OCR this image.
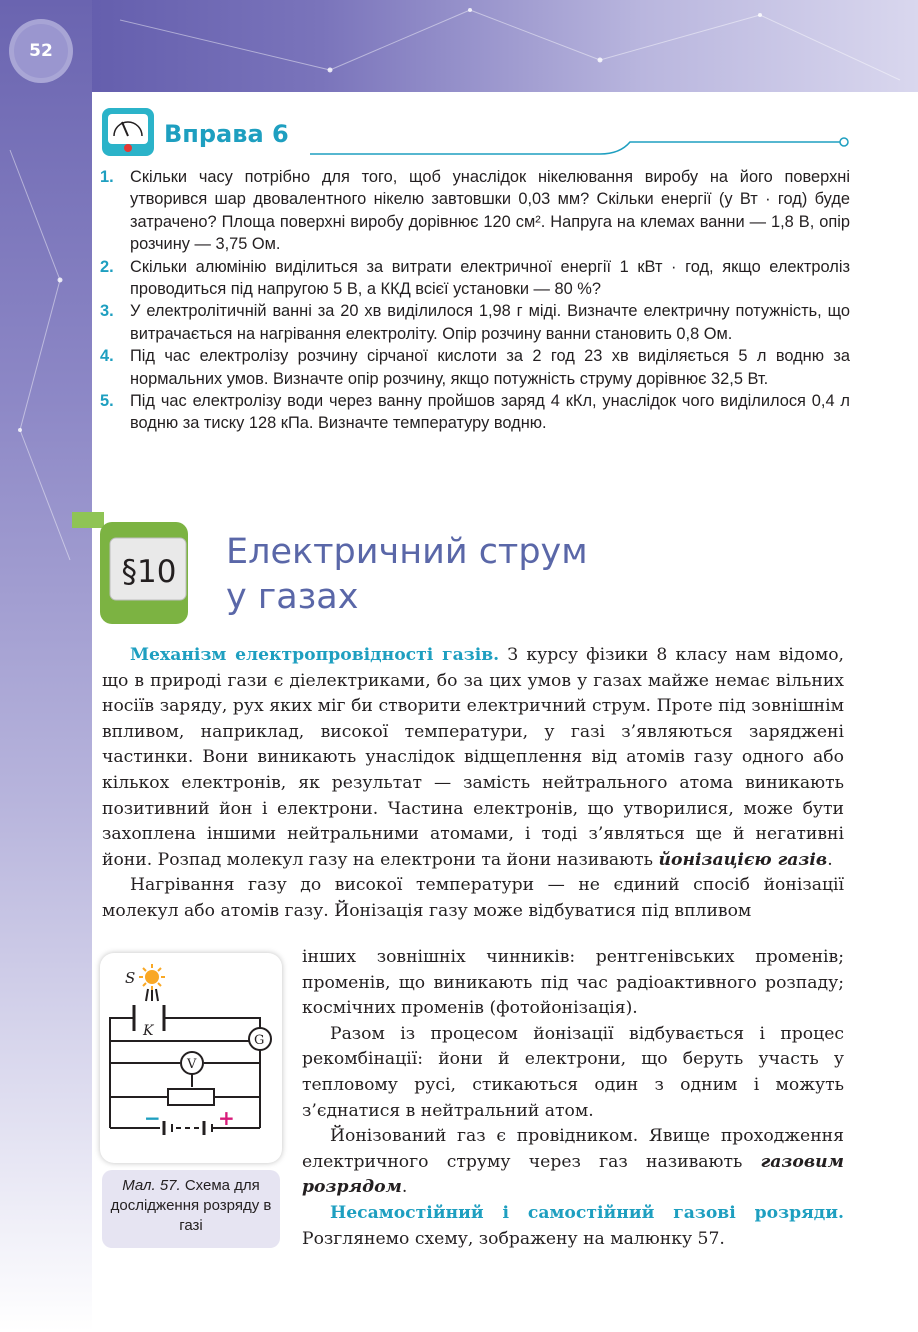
52
Вправа 6
1. Скільки часу потрібно для того, щоб унаслідок нікелювання виробу на його поверхні утворився шар двовалентного нікелю завтовшки 0,03 мм? Скільки енергії (у Вт · год) буде затрачено? Площа поверхні виробу дорівнює 120 см². Напруга на клемах ванни — 1,8 В, опір розчину — 3,75 Ом.
2. Скільки алюмінію виділиться за витрати електричної енергії 1 кВт · год, якщо електроліз проводиться під напругою 5 В, а ККД всієї установки — 80 %?
3. У електролітичній ванні за 20 хв виділилося 1,98 г міді. Визначте електричну потужність, що витрачається на нагрівання електроліту. Опір розчину ванни становить 0,8 Ом.
4. Під час електролізу розчину сірчаної кислоти за 2 год 23 хв виділяється 5 л водню за нормальних умов. Визначте опір розчину, якщо потужність струму дорівнює 32,5 Вт.
5. Під час електролізу води через ванну пройшов заряд 4 кКл, унаслідок чого виділилося 0,4 л водню за тиску 128 кПа. Визначте температуру водню.
§10 Електричний струм
у газах
Механізм електропровідності газів. З курсу фізики 8 класу нам відомо, що в природі гази є діелектриками, бо за цих умов у газах майже немає вільних носіїв заряду, рух яких міг би створити електричний струм. Проте під зовнішнім впливом, наприклад, високої температури, у газі з’являються заряджені частинки. Вони виникають унаслідок відщеплення від атомів газу одного або кількох електронів, як результат — замість нейтрального атома виникають позитивний йон і електрони. Частина електронів, що утворилися, може бути захоплена іншими нейтральними атомами, і тоді з’являться ще й негативні йони. Розпад молекул газу на електрони та йони називають йонізацією газів.
Нагрівання газу до високої температури — не єдиний спосіб йонізації молекул або атомів газу. Йонізація газу може відбуватися під впливом
інших зовнішніх чинників: рентгенівських променів; променів, що виникають під час радіоактивного розпаду; космічних променів (фотойонізація).
Разом із процесом йонізації відбувається і процес рекомбінації: йони й електрони, що беруть участь у тепловому русі, стикаються один з одним і можуть з’єднатися в нейтральний атом.
Йонізований газ є провідником. Явище проходження електричного струму через газ називають газовим розрядом.
Несамостійний і самостійний газові розряди. Розглянемо схему, зображену на малюнку 57.
S
K
G
V
−	+
Мал. 57. Схема для дослідження розряду в газі
